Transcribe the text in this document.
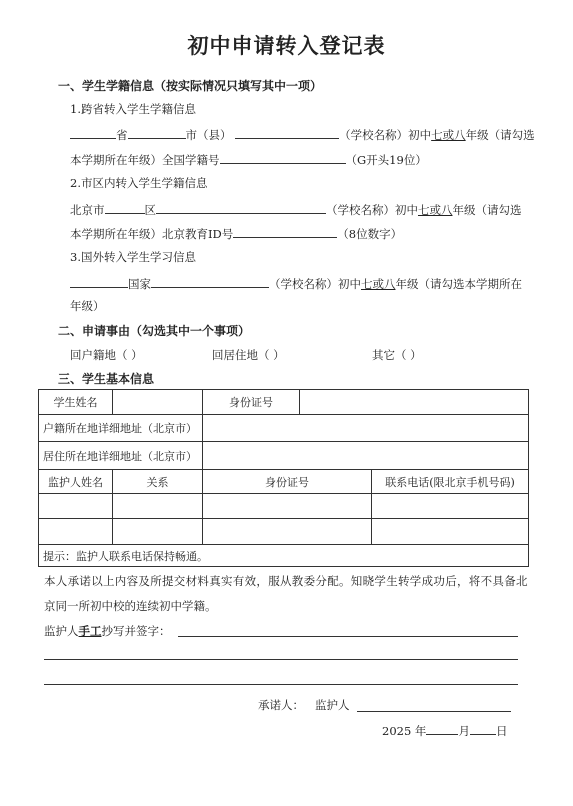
初中申请转入登记表
一、学生学籍信息（按实际情况只填写其中一项）
1.跨省转入学生学籍信息
省	市（县）	（学校名称）初中七或八年级（请勾选
本学期所在年级）全国学籍号	（G开头19位）
2.市区内转入学生学籍信息
北京市	区	（学校名称）初中七或八年级（请勾选
本学期所在年级）北京教育ID号	（8位数字）
3.国外转入学生学习信息
国家	（学校名称）初中七或八年级（请勾选本学期所在
年级）
二、申请事由（勾选其中一个事项）
回户籍地（ ）	回居住地（ ）	其它（ ）
三、学生基本信息
学生姓名		身份证号		
户籍所在地详细地址（北京市）				
居住所在地详细地址（北京市）				
监护人姓名	关系	身份证号		联系电话(限北京手机号码)

提示：监护人联系电话保持畅通。				
本人承诺以上内容及所提交材料真实有效，服从教委分配。知晓学生转学成功后，将不具备北
京同一所初中校的连续初中学籍。
监护人手工抄写并签字：
承诺人： 监护人
2025 年	月 日
